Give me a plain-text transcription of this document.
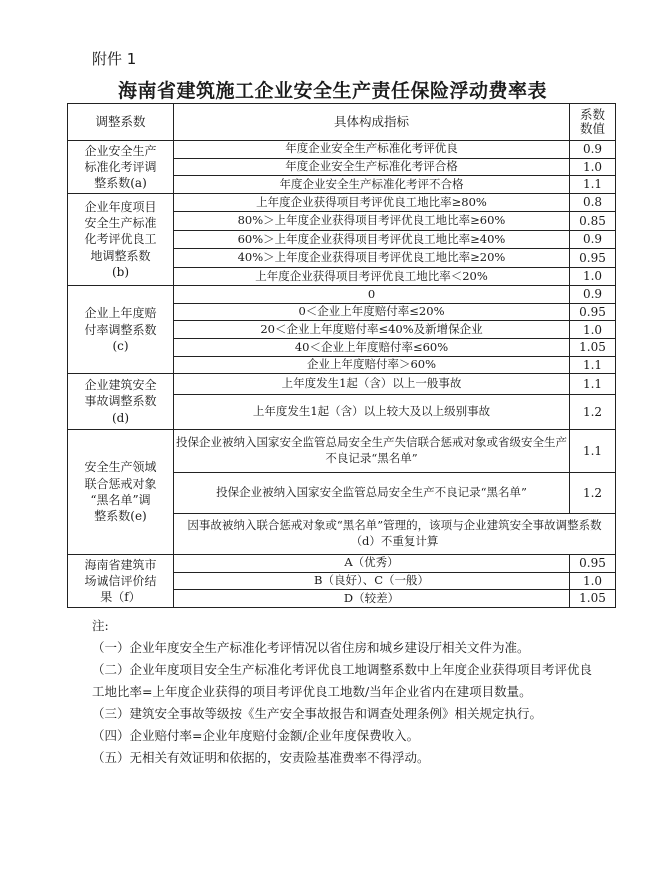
附件 1
海南省建筑施工企业安全生产责任保险浮动费率表
调整系数	具体构成指标	系数
数值
企业安全生产
标准化考评调
整系数(a)	年度企业安全生产标准化考评优良	0.9
	年度企业安全生产标准化考评合格	1.0
	年度企业安全生产标准化考评不合格	1.1
企业年度项目
安全生产标准
化考评优良工
地调整系数
(b)	上年度企业获得项目考评优良工地比率≥80%	0.8
	80%＞上年度企业获得项目考评优良工地比率≥60%	0.85
	60%＞上年度企业获得项目考评优良工地比率≥40%	0.9
	40%＞上年度企业获得项目考评优良工地比率≥20%	0.95
	上年度企业获得项目考评优良工地比率＜20%	1.0
企业上年度赔
付率调整系数
(c)	0	0.9
	0＜企业上年度赔付率≤20%	0.95
	20＜企业上年度赔付率≤40%及新增保企业	1.0
	40＜企业上年度赔付率≤60%	1.05
	企业上年度赔付率＞60%	1.1
企业建筑安全
事故调整系数
(d)	上年度发生1起（含）以上一般事故	1.1
	上年度发生1起（含）以上较大及以上级别事故	1.2
安全生产领域
联合惩戒对象
“黑名单”调
整系数(e)	投保企业被纳入国家安全监管总局安全生产失信联合惩戒对象或省级安全生产不良记录“黑名单”	1.1
	投保企业被纳入国家安全监管总局安全生产不良记录“黑名单”	1.2
	因事故被纳入联合惩戒对象或“黑名单”管理的，该项与企业建筑安全事故调整系数（d）不重复计算	
海南省建筑市
场诚信评价结
果（f）	A（优秀）	0.95
	B（良好）、C（一般）	1.0
	D（较差）	1.05

注:

（一）企业年度安全生产标准化考评情况以省住房和城乡建设厅相关文件为准。

（二）企业年度项目安全生产标准化考评优良工地调整系数中上年度企业获得项目考评优良工地比率=上年度企业获得的项目考评优良工地数/当年企业省内在建项目数量。

（三）建筑安全事故等级按《生产安全事故报告和调查处理条例》相关规定执行。

（四）企业赔付率=企业年度赔付金额/企业年度保费收入。

（五）无相关有效证明和依据的，安责险基准费率不得浮动。
